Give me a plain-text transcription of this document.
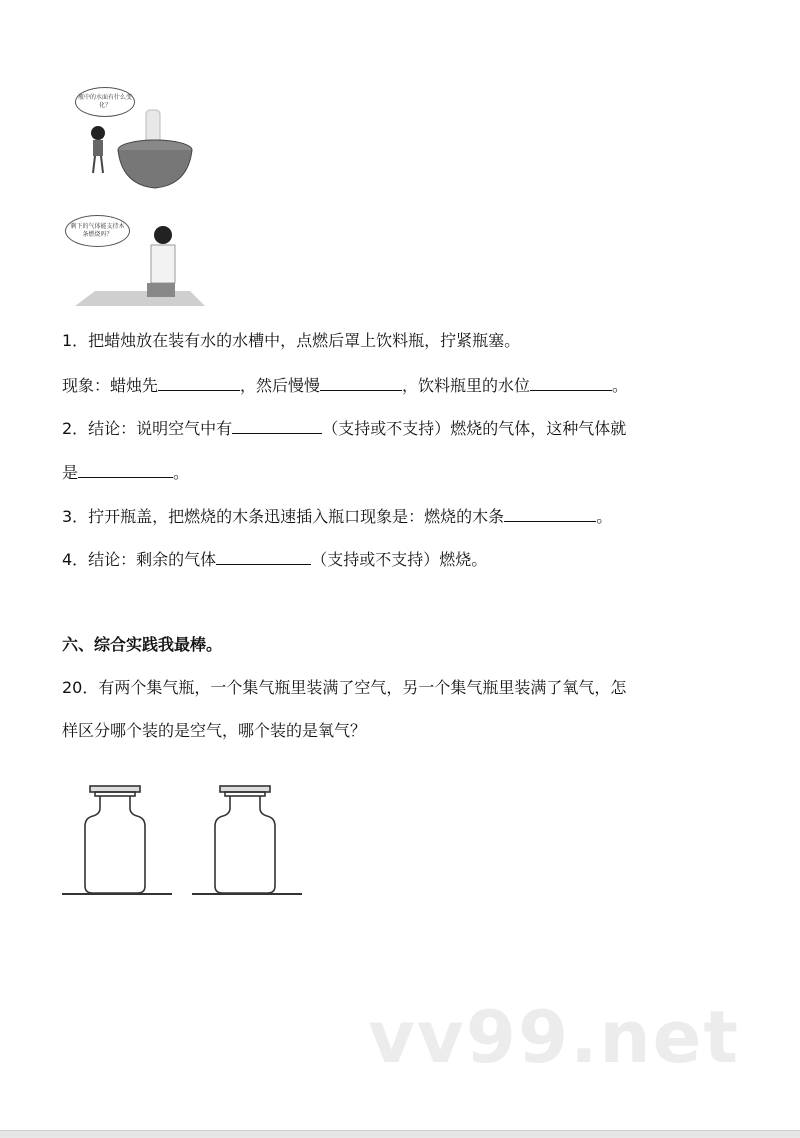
瓶中的水面有什么变化？
剩下的气体能支持木条燃烧吗？
1．把蜡烛放在装有水的水槽中，点燃后罩上饮料瓶，拧紧瓶塞。
现象：蜡烛先	，然后慢慢	，饮料瓶里的水位	。
2．结论：说明空气中有	（支持或不支持）燃烧的气体，这种气体就
是	。
3．拧开瓶盖，把燃烧的木条迅速插入瓶口现象是：燃烧的木条	。
4．结论：剩余的气体	（支持或不支持）燃烧。
六、综合实践我最棒。
20．有两个集气瓶，一个集气瓶里装满了空气，另一个集气瓶里装满了氧气，怎
样区分哪个装的是空气，哪个装的是氧气？
vv99.net
